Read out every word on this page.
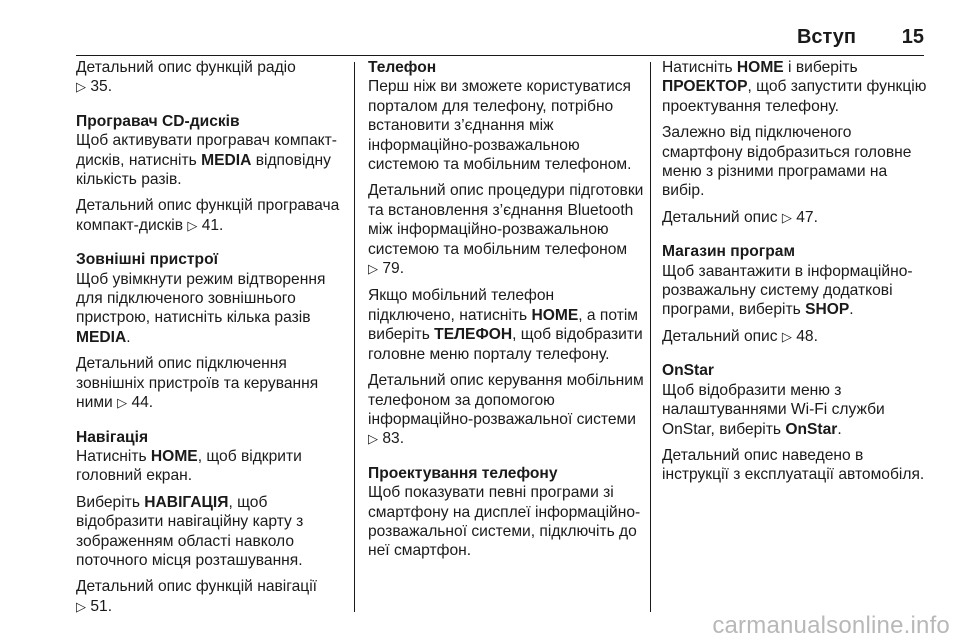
Вступ 15

Детальний опис функцій радіо
▷ 35.

Програвач CD-дисків

Щоб активувати програвач компакт-дисків, натисніть MEDIA відповідну кількість разів.

Детальний опис функцій програвача компакт-дисків ▷ 41.

Зовнішні пристрої

Щоб увімкнути режим відтворення для підключеного зовнішнього пристрою, натисніть кілька разів MEDIA.

Детальний опис підключення зовнішніх пристроїв та керування ними ▷ 44.

Навігація

Натисніть HOME, щоб відкрити головний екран.

Виберіть НАВІГАЦІЯ, щоб відобразити навігаційну карту з зображенням області навколо поточного місця розташування.

Детальний опис функцій навігації
▷ 51.

Телефон

Перш ніж ви зможете користуватися порталом для телефону, потрібно встановити з’єднання між інформаційно-розважальною системою та мобільним телефоном.

Детальний опис процедури підготовки та встановлення з’єднання Bluetooth між інформаційно-розважальною системою та мобільним телефоном
▷ 79.

Якщо мобільний телефон підключено, натисніть HOME, а потім виберіть ТЕЛЕФОН, щоб відобразити головне меню порталу телефону.

Детальний опис керування мобільним телефоном за допомогою інформаційно-розважальної системи ▷ 83.

Проектування телефону

Щоб показувати певні програми зі смартфону на дисплеї інформаційно-розважальної системи, підключіть до неї смартфон.

Натисніть HOME і виберіть ПРОЕКТОР, щоб запустити функцію проектування телефону.

Залежно від підключеного смартфону відобразиться головне меню з різними програмами на вибір.

Детальний опис ▷ 47.

Магазин програм

Щоб завантажити в інформаційно-розважальну систему додаткові програми, виберіть SHOP.

Детальний опис ▷ 48.

OnStar

Щоб відобразити меню з налаштуваннями Wi-Fi служби OnStar, виберіть OnStar.

Детальний опис наведено в інструкції з експлуатації автомобіля.

carmanualsonline.info
